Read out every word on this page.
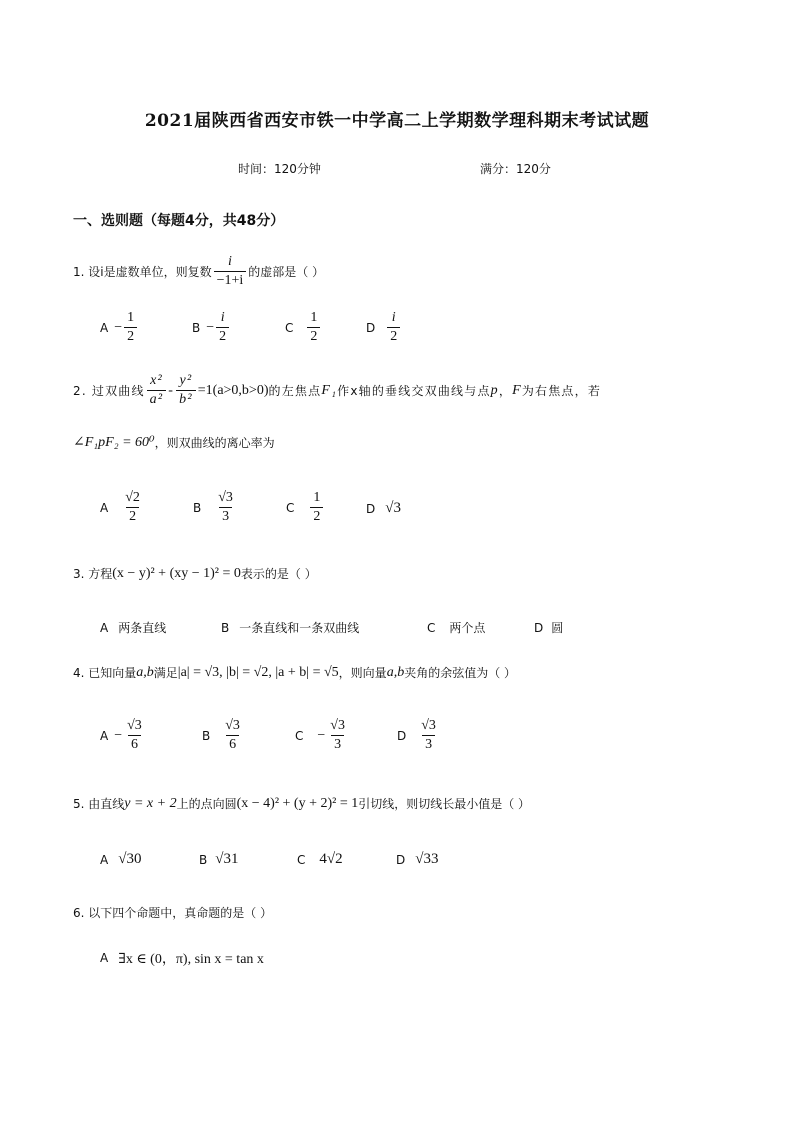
2021届陕西省西安市铁一中学高二上学期数学理科期末考试试题
时间：120分钟	满分：120分
一、选则题（每题4分，共48分）
1. 设i是虚数单位，则复数 $\frac{i}{-1+i}$ 的虚部是（ ）
$A - \frac{1}{2}$	$B - \frac{i}{2}$	C $\frac{1}{2}$	D $\frac{i}{2}$
2. 过双曲线 $\frac{\text{x²}}{\text{a²}} - \frac{\text{y²}}{\text{b²}} =1(a>0,b>0)$ 的左焦点 F₁ 作x轴的垂线交双曲线与点 p ， F 为右焦点，若
∠F₁pF₂ = 60⁰ ，则双曲线的离心率为
A $\frac{√2}{2}$	B $\frac{√3}{3}$	C $\frac{1}{2}$	D √3
3. 方程 (x − y)² + (xy − 1)² = 0 表示的是（ ）
A 两条直线	B 一条直线和一条双曲线	C 两个点	D 圆
4. 已知向量 a,b 满足 |a| = √3, |b| = √2, |a + b| = √5 ，则向量 a,b 夹角的余弦值为（ ）
$A - \frac{√3}{6}$	B $\frac{√3}{6}$	$C - \frac{√3}{3}$	D $\frac{√3}{3}$
5. 由直线 y = x + 2 上的点向圆 (x − 4)² + (y + 2)² = 1 引切线，则切线长最小值是（ ）
A √30	B √31	C 4√2	D √33
6. 以下四个命题中，真命题的是（ ）
A ∃x ∈ (0，π), sin x = tan x
